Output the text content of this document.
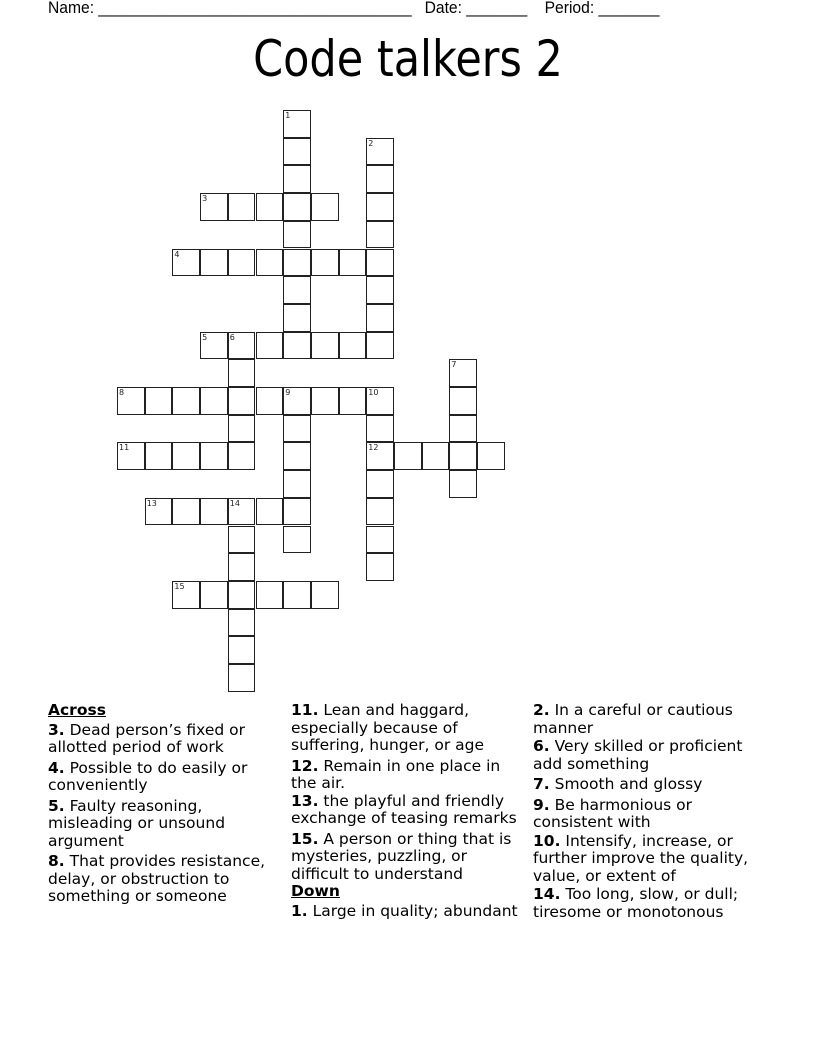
Name: ____________________________________ Date: _______ Period: _______
Code talkers 2
1
2
3
4
5	6
7
8	9	10
12
11
13	14
15
Across
3. Dead person’s fixed or allotted period of work
4. Possible to do easily or conveniently
5. Faulty reasoning, misleading or unsound argument
8. That provides resistance, delay, or obstruction to something or someone
11. Lean and haggard, especially because of suffering, hunger, or age
12. Remain in one place in the air.
13. the playful and friendly exchange of teasing remarks
15. A person or thing that is mysteries, puzzling, or difficult to understand
Down
1. Large in quality; abundant
2. In a careful or cautious manner
6. Very skilled or proficient add something
7. Smooth and glossy
9. Be harmonious or consistent with
10. Intensify, increase, or further improve the quality, value, or extent of
14. Too long, slow, or dull; tiresome or monotonous
